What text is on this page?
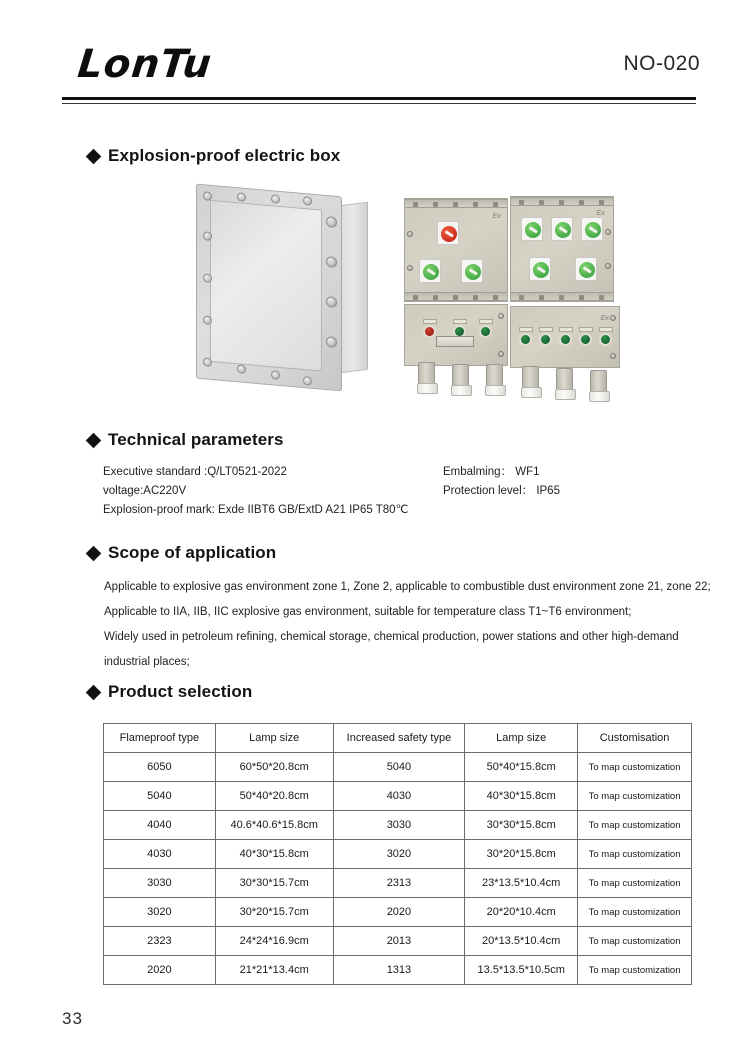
LonTu	NO-020
Explosion-proof electric box
Ex	Ex
Ex
Technical parameters

Executive standard :Q/LT0521-2022

voltage:AC220V

Explosion-proof mark: Exde IIBT6 GB/ExtD A21 IP65 T80℃

Embalming： WF1

Protection level： IP65

Scope of application

Applicable to explosive gas environment zone 1, Zone 2, applicable to combustible dust environment zone 21, zone 22;

Applicable to IIA, IIB, IIC explosive gas environment, suitable for temperature class T1~T6 environment;

Widely used in petroleum refining, chemical storage, chemical production, power stations and other high-demand

industrial places;

Product selection
Flameproof type	Lamp size	Increased safety type	Lamp size	Customisation
6050	60*50*20.8cm	5040	50*40*15.8cm	To map customization
5040	50*40*20.8cm	4030	40*30*15.8cm	To map customization
4040	40.6*40.6*15.8cm	3030	30*30*15.8cm	To map customization
4030	40*30*15.8cm	3020	30*20*15.8cm	To map customization
3030	30*30*15.7cm	2313	23*13.5*10.4cm	To map customization
3020	30*20*15.7cm	2020	20*20*10.4cm	To map customization
2323	24*24*16.9cm	2013	20*13.5*10.4cm	To map customization
2020	21*21*13.4cm	1313	13.5*13.5*10.5cm	To map customization
33
